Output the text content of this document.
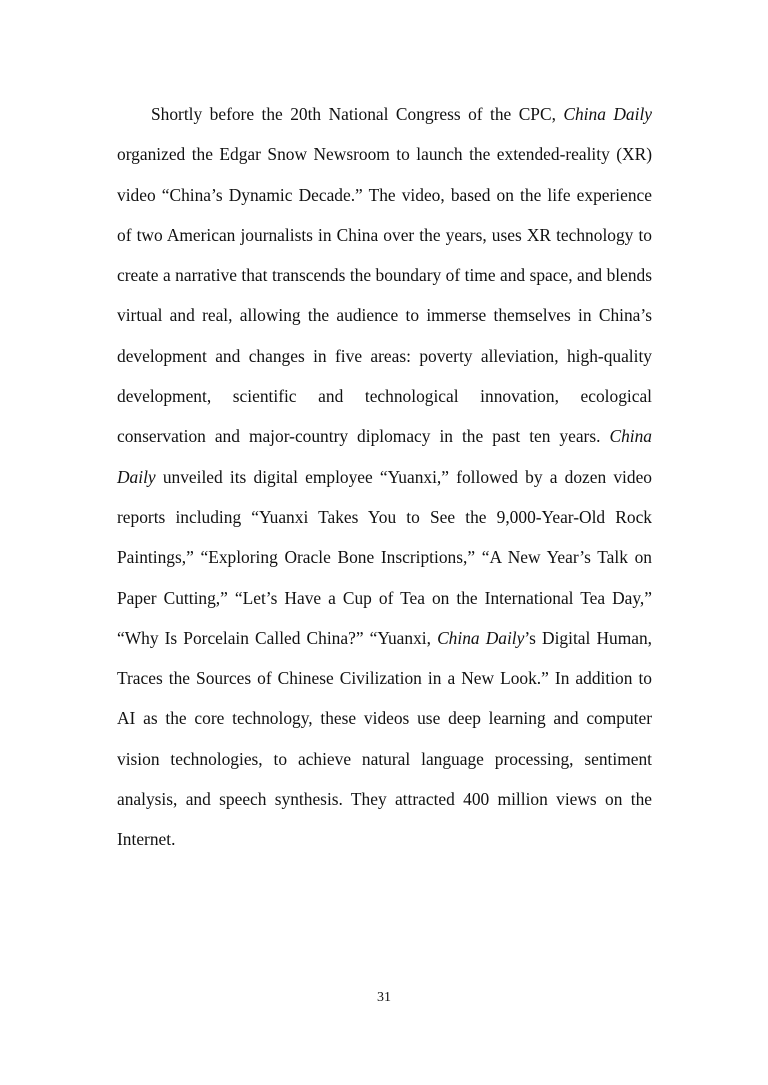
Shortly before the 20th National Congress of the CPC, China Daily organized the Edgar Snow Newsroom to launch the extended-reality (XR) video “China’s Dynamic Decade.” The video, based on the life experience of two American journalists in China over the years, uses XR technology to create a narrative that transcends the boundary of time and space, and blends virtual and real, allowing the audience to immerse themselves in China’s development and changes in five areas: poverty alleviation, high-quality development, scientific and technological innovation, ecological conservation and major-country diplomacy in the past ten years. China Daily unveiled its digital employee “Yuanxi,” followed by a dozen video reports including “Yuanxi Takes You to See the 9,000-Year-Old Rock Paintings,” “Exploring Oracle Bone Inscriptions,” “A New Year’s Talk on Paper Cutting,” “Let’s Have a Cup of Tea on the International Tea Day,” “Why Is Porcelain Called China?” “Yuanxi, China Daily’s Digital Human, Traces the Sources of Chinese Civilization in a New Look.” In addition to AI as the core technology, these videos use deep learning and computer vision technologies, to achieve natural language processing, sentiment analysis, and speech synthesis. They attracted 400 million views on the Internet.

31
